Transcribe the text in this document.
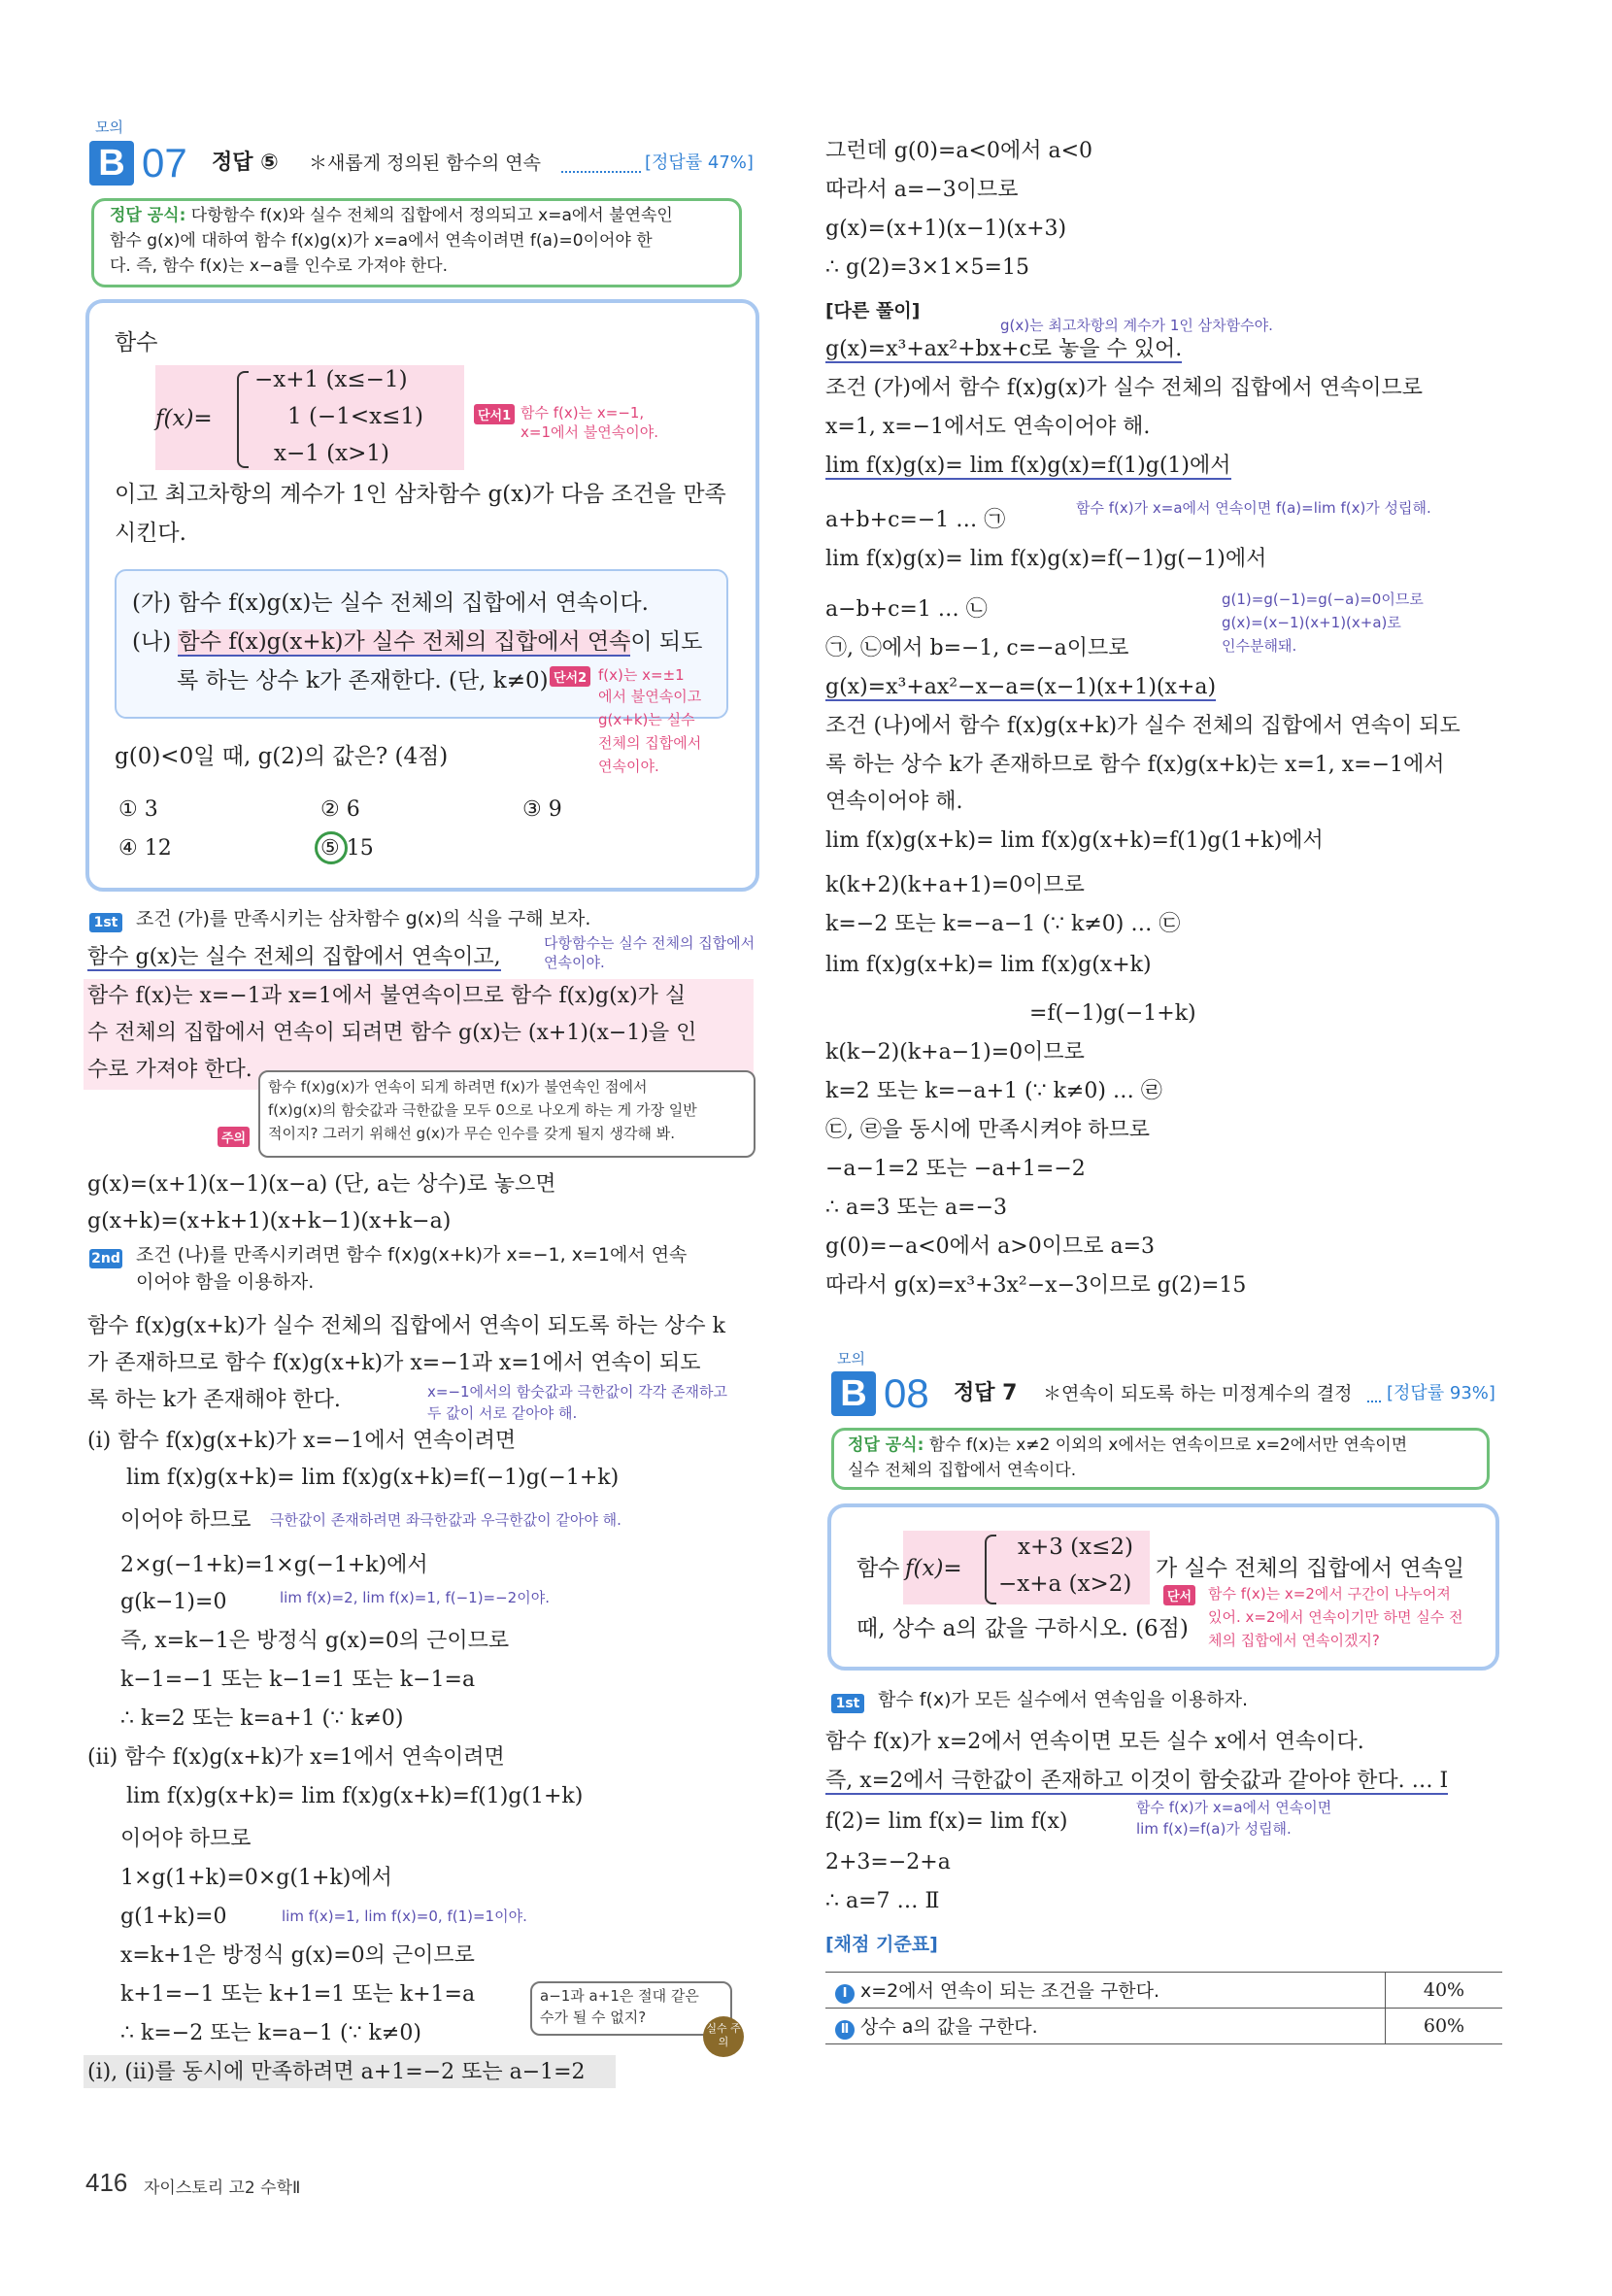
모의
B 07 정답 ⑤ ＊새롭게 정의된 함수의 연속	[정답률 47%]
정답 공식: 다항함수 f(x)와 실수 전체의 집합에서 정의되고 x=a에서 불연속인
함수 g(x)에 대하여 함수 f(x)g(x)가 x=a에서 연속이려면 f(a)=0이어야 한
다. 즉, 함수 f(x)는 x−a를 인수로 가져야 한다.
함수
f(x)=
−x+1 (x≤−1)
1 (−1<x≤1)
x−1 (x>1)
단서1 함수 f(x)는 x=−1,
x=1에서 불연속이야.
이고 최고차항의 계수가 1인 삼차함수 g(x)가 다음 조건을 만족
시킨다.
(가) 함수 f(x)g(x)는 실수 전체의 집합에서 연속이다.
(나) 함수 f(x)g(x+k)가 실수 전체의 집합에서 연속이 되도
록 하는 상수 k가 존재한다. (단, k≠0) 단서2 f(x)는 x=±1
에서 불연속이고
g(x+k)는 실수
전체의 집합에서
연속이야.
g(0)<0일 때, g(2)의 값은? (4점)
① 3	② 6	③ 9
④ 12	⑤ 15
1st 조건 (가)를 만족시키는 삼차함수 g(x)의 식을 구해 보자.
함수 g(x)는 실수 전체의 집합에서 연속이고,
다항함수는 실수 전체의 집합에서
연속이야.
함수 f(x)는 x=−1과 x=1에서 불연속이므로 함수 f(x)g(x)가 실
수 전체의 집합에서 연속이 되려면 함수 g(x)는 (x+1)(x−1)을 인
수로 가져야 한다.
함수 f(x)g(x)가 연속이 되게 하려면 f(x)가 불연속인 점에서
f(x)g(x)의 함숫값과 극한값을 모두 0으로 나오게 하는 게 가장 일반
적이지? 그러기 위해선 g(x)가 무슨 인수를 갖게 될지 생각해 봐.
주의
g(x)=(x+1)(x−1)(x−a) (단, a는 상수)로 놓으면
g(x+k)=(x+k+1)(x+k−1)(x+k−a)
2nd 조건 (나)를 만족시키려면 함수 f(x)g(x+k)가 x=−1, x=1에서 연속
이어야 함을 이용하자.
함수 f(x)g(x+k)가 실수 전체의 집합에서 연속이 되도록 하는 상수 k
가 존재하므로 함수 f(x)g(x+k)가 x=−1과 x=1에서 연속이 되도
록 하는 k가 존재해야 한다.	x=−1에서의 함숫값과 극한값이 각각 존재하고
두 값이 서로 같아야 해.
(i) 함수 f(x)g(x+k)가 x=−1에서 연속이려면
lim f(x)g(x+k)= lim f(x)g(x+k)=f(−1)g(−1+k)
이어야 하므로 극한값이 존재하려면 좌극한값과 우극한값이 같아야 해.
2×g(−1+k)=1×g(−1+k)에서
g(k−1)=0	lim f(x)=2, lim f(x)=1, f(−1)=−2이야.
즉, x=k−1은 방정식 g(x)=0의 근이므로
k−1=−1 또는 k−1=1 또는 k−1=a
∴ k=2 또는 k=a+1 (∵ k≠0)
(ii) 함수 f(x)g(x+k)가 x=1에서 연속이려면
lim f(x)g(x+k)= lim f(x)g(x+k)=f(1)g(1+k)
이어야 하므로
1×g(1+k)=0×g(1+k)에서
g(1+k)=0	lim f(x)=1, lim f(x)=0, f(1)=1이야.
x=k+1은 방정식 g(x)=0의 근이므로
k+1=−1 또는 k+1=1 또는 k+1=a
∴ k=−2 또는 k=a−1 (∵ k≠0)
a−1과 a+1은 절대 같은
수가 될 수 없지?
실수 주의
(i), (ii)를 동시에 만족하려면 a+1=−2 또는 a−1=2
그런데 g(0)=a<0에서 a<0
따라서 a=−3이므로
g(x)=(x+1)(x−1)(x+3)
∴ g(2)=3×1×5=15
[다른 풀이]
g(x)는 최고차항의 계수가 1인 삼차함수야.
g(x)=x³+ax²+bx+c로 놓을 수 있어.
조건 (가)에서 함수 f(x)g(x)가 실수 전체의 집합에서 연속이므로
x=1, x=−1에서도 연속이어야 해.
lim f(x)g(x)= lim f(x)g(x)=f(1)g(1)에서
함수 f(x)가 x=a에서 연속이면 f(a)=lim f(x)가 성립해.
a+b+c=−1 … ㉠
lim f(x)g(x)= lim f(x)g(x)=f(−1)g(−1)에서
a−b+c=1 … ㉡
㉠, ㉡에서 b=−1, c=−a이므로
g(1)=g(−1)=g(−a)=0이므로
g(x)=(x−1)(x+1)(x+a)로
인수분해돼.
g(x)=x³+ax²−x−a=(x−1)(x+1)(x+a)
조건 (나)에서 함수 f(x)g(x+k)가 실수 전체의 집합에서 연속이 되도
록 하는 상수 k가 존재하므로 함수 f(x)g(x+k)는 x=1, x=−1에서
연속이어야 해.
lim f(x)g(x+k)= lim f(x)g(x+k)=f(1)g(1+k)에서
k(k+2)(k+a+1)=0이므로
k=−2 또는 k=−a−1 (∵ k≠0) … ㉢
lim f(x)g(x+k)= lim f(x)g(x+k)
=f(−1)g(−1+k)
k(k−2)(k+a−1)=0이므로
k=2 또는 k=−a+1 (∵ k≠0) … ㉣
㉢, ㉣을 동시에 만족시켜야 하므로
−a−1=2 또는 −a+1=−2
∴ a=3 또는 a=−3
g(0)=−a<0에서 a>0이므로 a=3
따라서 g(x)=x³+3x²−x−3이므로 g(2)=15
모의
B 08 정답 7 ＊연속이 되도록 하는 미정계수의 결정 [정답률 93%]
정답 공식: 함수 f(x)는 x≠2 이외의 x에서는 연속이므로 x=2에서만 연속이면
실수 전체의 집합에서 연속이다.
함수 f(x)=
x+3 (x≤2)
−x+a (x>2)
가 실수 전체의 집합에서 연속일
때, 상수 a의 값을 구하시오. (6점)
단서 함수 f(x)는 x=2에서 구간이 나누어져
있어. x=2에서 연속이기만 하면 실수 전
체의 집합에서 연속이겠지?
1st 함수 f(x)가 모든 실수에서 연속임을 이용하자.
함수 f(x)가 x=2에서 연속이면 모든 실수 x에서 연속이다.
즉, x=2에서 극한값이 존재하고 이것이 함숫값과 같아야 한다. … Ⅰ
f(2)= lim f(x)= lim f(x)
함수 f(x)가 x=a에서 연속이면
lim f(x)=f(a)가 성립해.
2+3=−2+a
∴ a=7 … Ⅱ
[채점 기준표]
Ⅰ x=2에서 연속이 되는 조건을 구한다.	40%
Ⅱ 상수 a의 값을 구한다.	60%
416 자이스토리 고2 수학Ⅱ
